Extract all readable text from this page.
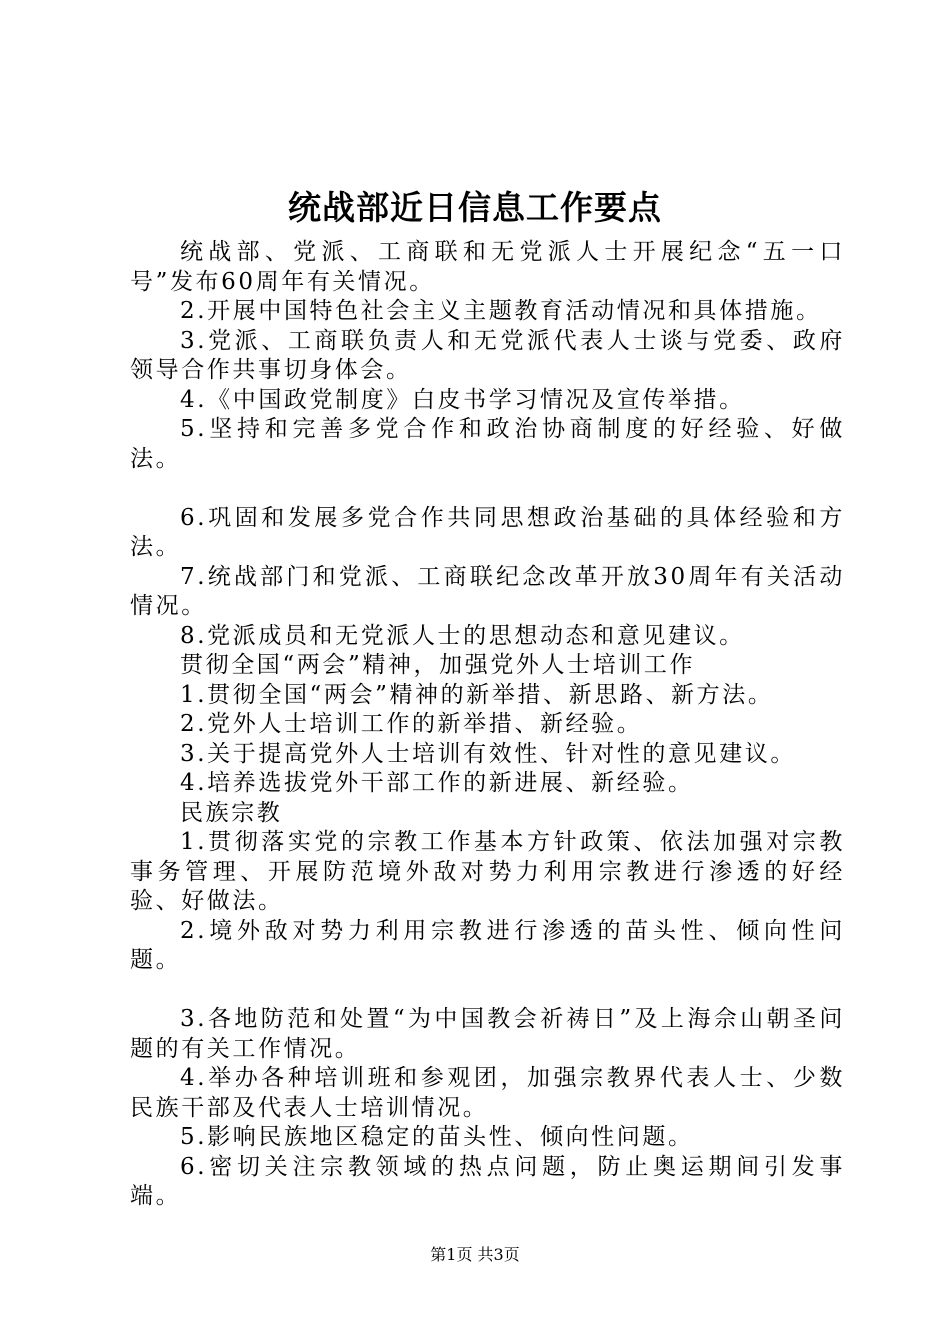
统战部近日信息工作要点

统战部、党派、工商联和无党派人士开展纪念“五一口号”发布60周年有关情况。

2.开展中国特色社会主义主题教育活动情况和具体措施。

3.党派、工商联负责人和无党派代表人士谈与党委、政府领导合作共事切身体会。

4.《中国政党制度》白皮书学习情况及宣传举措。

5.坚持和完善多党合作和政治协商制度的好经验、好做法。

6.巩固和发展多党合作共同思想政治基础的具体经验和方法。

7.统战部门和党派、工商联纪念改革开放30周年有关活动情况。

8.党派成员和无党派人士的思想动态和意见建议。

贯彻全国“两会”精神，加强党外人士培训工作

1.贯彻全国“两会”精神的新举措、新思路、新方法。

2.党外人士培训工作的新举措、新经验。

3.关于提高党外人士培训有效性、针对性的意见建议。

4.培养选拔党外干部工作的新进展、新经验。

民族宗教

1.贯彻落实党的宗教工作基本方针政策、依法加强对宗教事务管理、开展防范境外敌对势力利用宗教进行渗透的好经验、好做法。

2.境外敌对势力利用宗教进行渗透的苗头性、倾向性问题。

3.各地防范和处置“为中国教会祈祷日”及上海佘山朝圣问题的有关工作情况。

4.举办各种培训班和参观团，加强宗教界代表人士、少数民族干部及代表人士培训情况。

5.影响民族地区稳定的苗头性、倾向性问题。

6.密切关注宗教领域的热点问题，防止奥运期间引发事端。

第1页 共3页
